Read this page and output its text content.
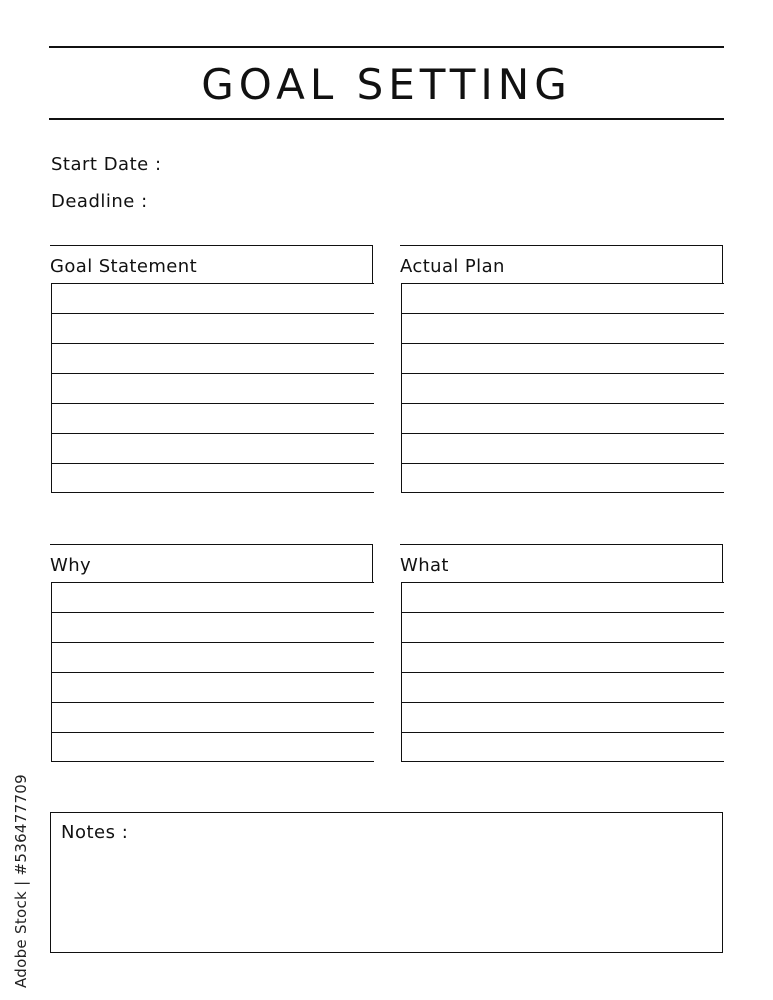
GOAL SETTING
Start Date :
Deadline :
Goal Statement	Actual Plan
Why	What
Notes :
Adobe Stock | #536477709
